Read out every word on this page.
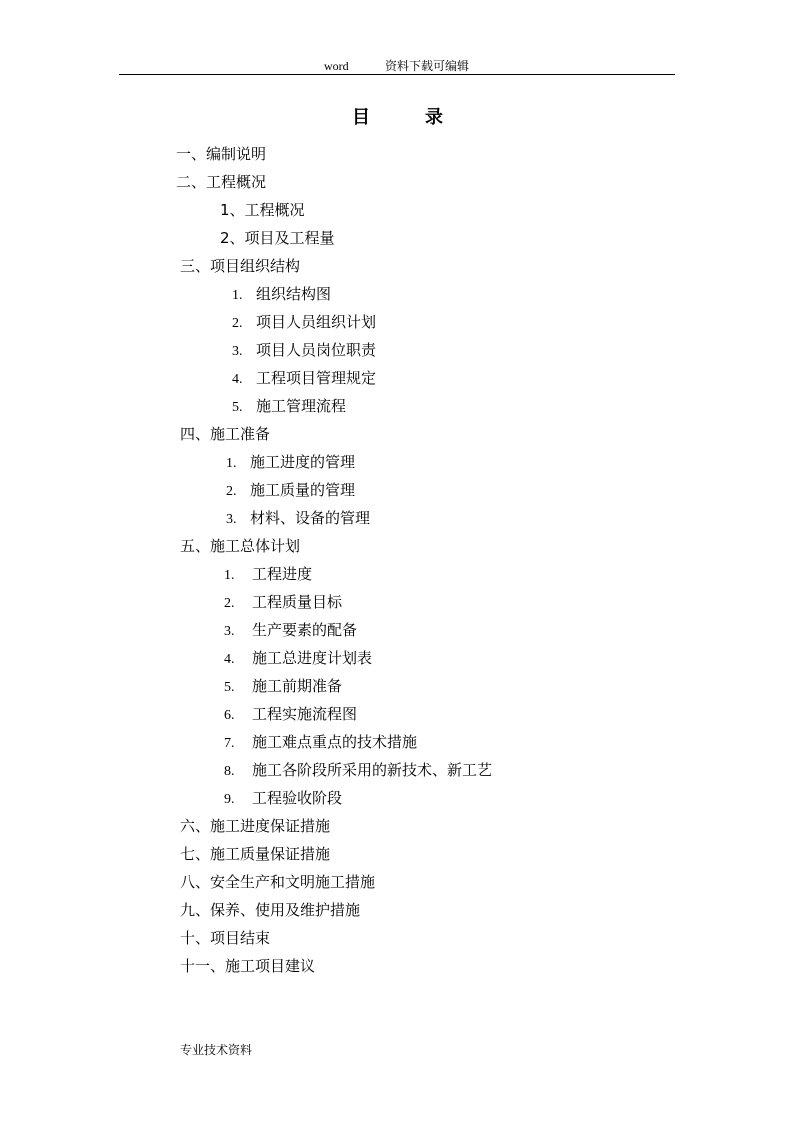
word	资料下载可编辑
目	录
一、编制说明
二、工程概况
1、工程概况
2、项目及工程量
三、项目组织结构
1. 组织结构图
2. 项目人员组织计划
3. 项目人员岗位职责
4. 工程项目管理规定
5. 施工管理流程
四、施工准备
1. 施工进度的管理
2. 施工质量的管理
3. 材料、设备的管理
五、施工总体计划
1. 工程进度
2. 工程质量目标
3. 生产要素的配备
4. 施工总进度计划表
5. 施工前期准备
6. 工程实施流程图
7. 施工难点重点的技术措施
8. 施工各阶段所采用的新技术、新工艺
9. 工程验收阶段
六、施工进度保证措施
七、施工质量保证措施
八、安全生产和文明施工措施
九、保养、使用及维护措施
十、项目结束
十一、施工项目建议
专业技术资料
